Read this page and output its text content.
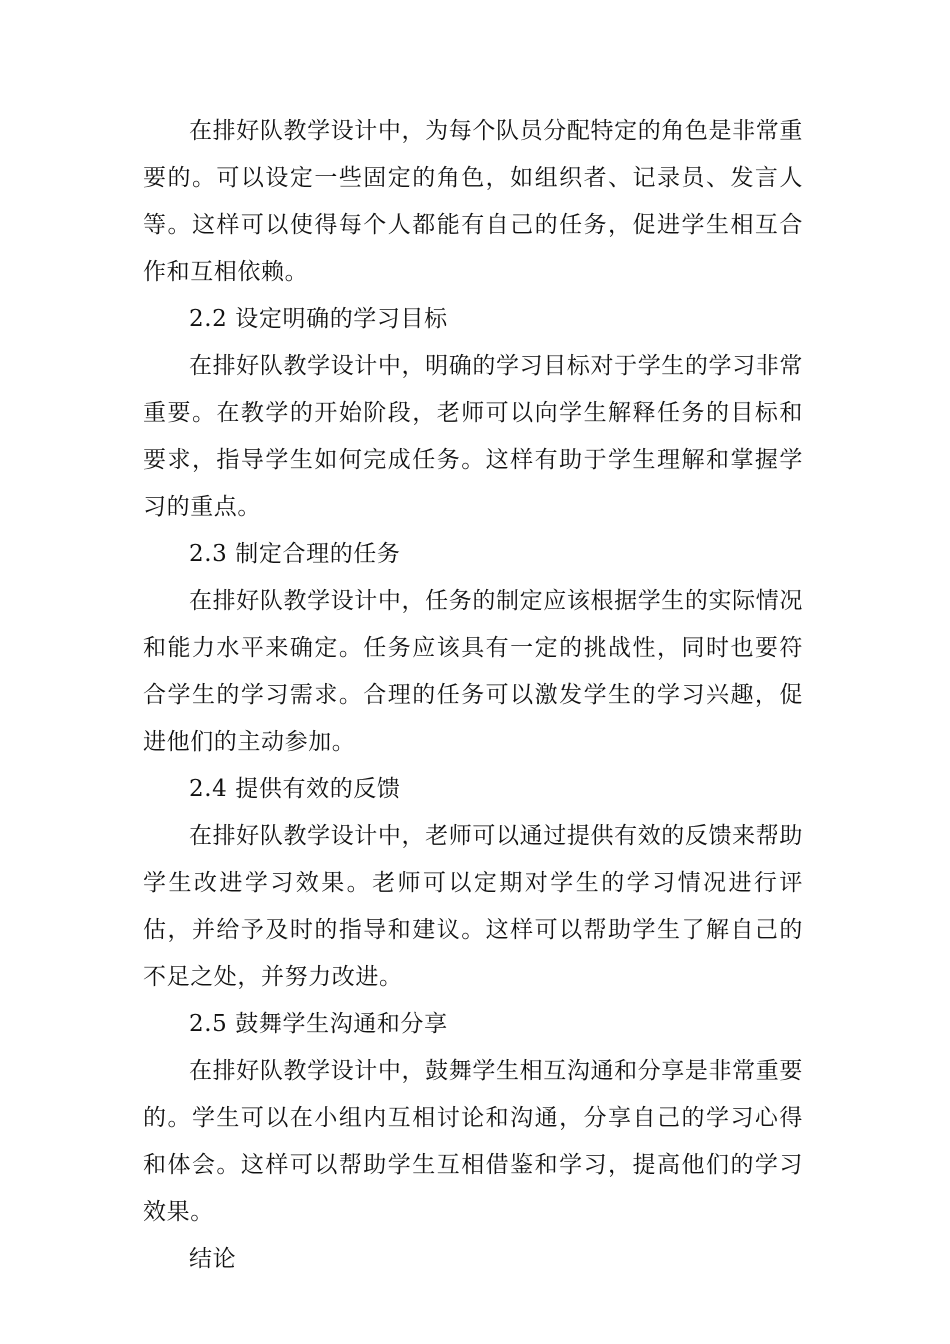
在排好队教学设计中，为每个队员分配特定的角色是非常重要的。可以设定一些固定的角色，如组织者、记录员、发言人等。这样可以使得每个人都能有自己的任务，促进学生相互合作和互相依赖。

2.2 设定明确的学习目标

在排好队教学设计中，明确的学习目标对于学生的学习非常重要。在教学的开始阶段，老师可以向学生解释任务的目标和要求，指导学生如何完成任务。这样有助于学生理解和掌握学习的重点。

2.3 制定合理的任务

在排好队教学设计中，任务的制定应该根据学生的实际情况和能力水平来确定。任务应该具有一定的挑战性，同时也要符合学生的学习需求。合理的任务可以激发学生的学习兴趣，促进他们的主动参加。

2.4 提供有效的反馈

在排好队教学设计中，老师可以通过提供有效的反馈来帮助学生改进学习效果。老师可以定期对学生的学习情况进行评估，并给予及时的指导和建议。这样可以帮助学生了解自己的不足之处，并努力改进。

2.5 鼓舞学生沟通和分享

在排好队教学设计中，鼓舞学生相互沟通和分享是非常重要的。学生可以在小组内互相讨论和沟通，分享自己的学习心得和体会。这样可以帮助学生互相借鉴和学习，提高他们的学习效果。

结论
